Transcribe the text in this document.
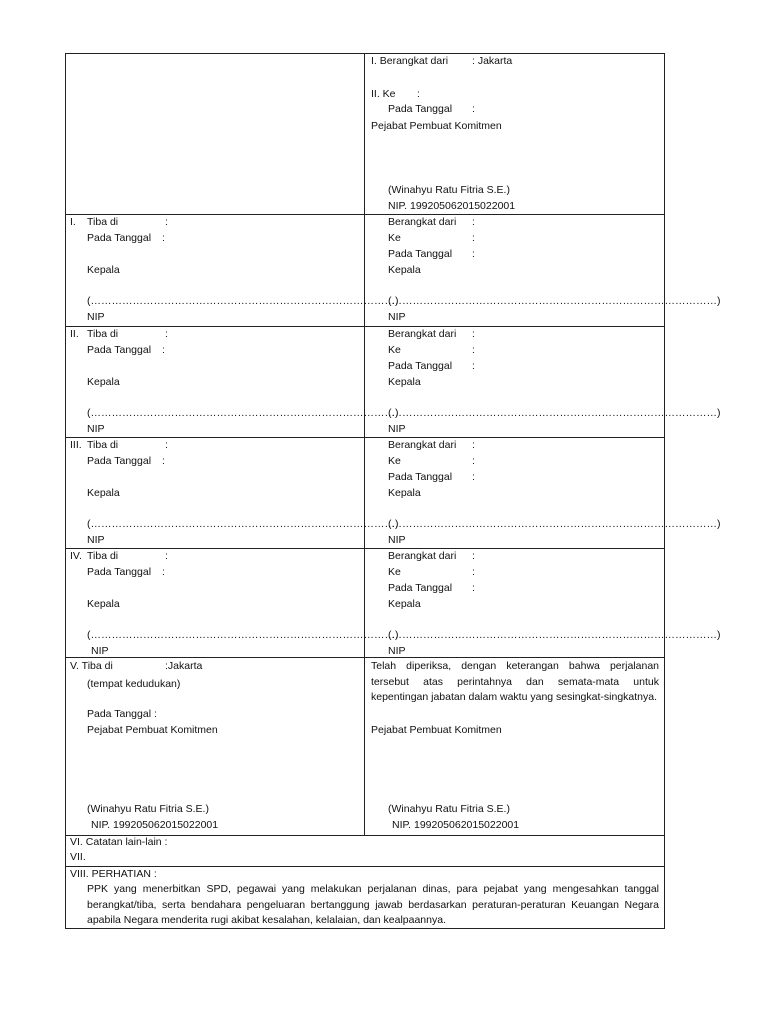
I. Berangkat dari : Jakarta
II. Ke :
Pada Tanggal :
Pejabat Pembuat Komitmen
(Winahyu Ratu Fitria S.E.)
NIP. 199205062015022001
I. Tiba di	:
Pada Tanggal :
Kepala
(……………………………………………………………………………)
NIP
Berangkat dari :
Ke	:
Pada Tanggal :
Kepala
(…………………………………………………………………………………)
NIP
II. Tiba di	:
Pada Tanggal :
Kepala
(……………………………………………………………………………)
NIP
Berangkat dari :
Ke	:
Pada Tanggal :
Kepala
(…………………………………………………………………………………)
NIP
III. Tiba di	:
Pada Tanggal :
Kepala
(……………………………………………………………………………)
NIP
Berangkat dari :
Ke	:
Pada Tanggal :
Kepala
(…………………………………………………………………………………)
NIP
IV. Tiba di	:
Pada Tanggal :
Kepala
(……………………………………………………………………………)
NIP
Berangkat dari :
Ke	:
Pada Tanggal :
Kepala
(…………………………………………………………………………………)
NIP
V. Tiba di	:Jakarta
(tempat kedudukan)
Pada Tanggal :
Pejabat Pembuat Komitmen
(Winahyu Ratu Fitria S.E.)
NIP. 199205062015022001
Telah diperiksa, dengan keterangan bahwa perjalanan tersebut atas perintahnya dan semata-mata untuk kepentingan jabatan dalam waktu yang sesingkat-singkatnya.
Pejabat Pembuat Komitmen
(Winahyu Ratu Fitria S.E.)
NIP. 199205062015022001
VI. Catatan lain-lain :
VII.
VIII. PERHATIAN :
PPK yang menerbitkan SPD, pegawai yang melakukan perjalanan dinas, para pejabat yang mengesahkan tanggal berangkat/tiba, serta bendahara pengeluaran bertanggung jawab berdasarkan peraturan-peraturan Keuangan Negara apabila Negara menderita rugi akibat kesalahan, kelalaian, dan kealpaannya.
